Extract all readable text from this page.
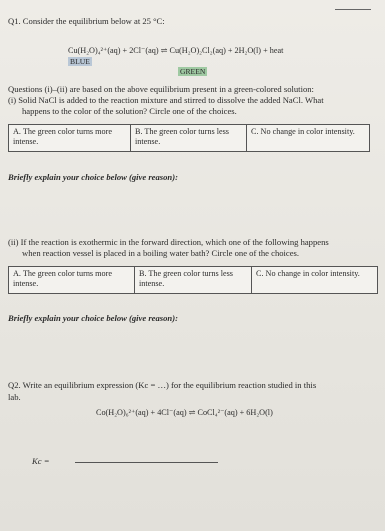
Q1. Consider the equilibrium below at 25 °C:
Cu(H₂O)₄²⁺(aq) + 2Cl⁻(aq) ⇌ Cu(H₂O)₂Cl₂(aq) + 2H₂O(l) + heat
BLUE
GREEN
Questions (i)–(ii) are based on the above equilibrium present in a green-colored solution:
(i) Solid NaCl is added to the reaction mixture and stirred to dissolve the added NaCl. What
happens to the color of the solution? Circle one of the choices.
A. The green color turns more intense.
B. The green color turns less intense.
C. No change in color intensity.
Briefly explain your choice below (give reason):
(ii) If the reaction is exothermic in the forward direction, which one of the following happens
when reaction vessel is placed in a boiling water bath? Circle one of the choices.
A. The green color turns more intense.
B. The green color turns less intense.
C. No change in color intensity.
Briefly explain your choice below (give reason):
Q2. Write an equilibrium expression (Kc = …) for the equilibrium reaction studied in this
lab.
Co(H₂O)₆²⁺(aq) + 4Cl⁻(aq) ⇌ CoCl₄²⁻(aq) + 6H₂O(l)
Kc =
